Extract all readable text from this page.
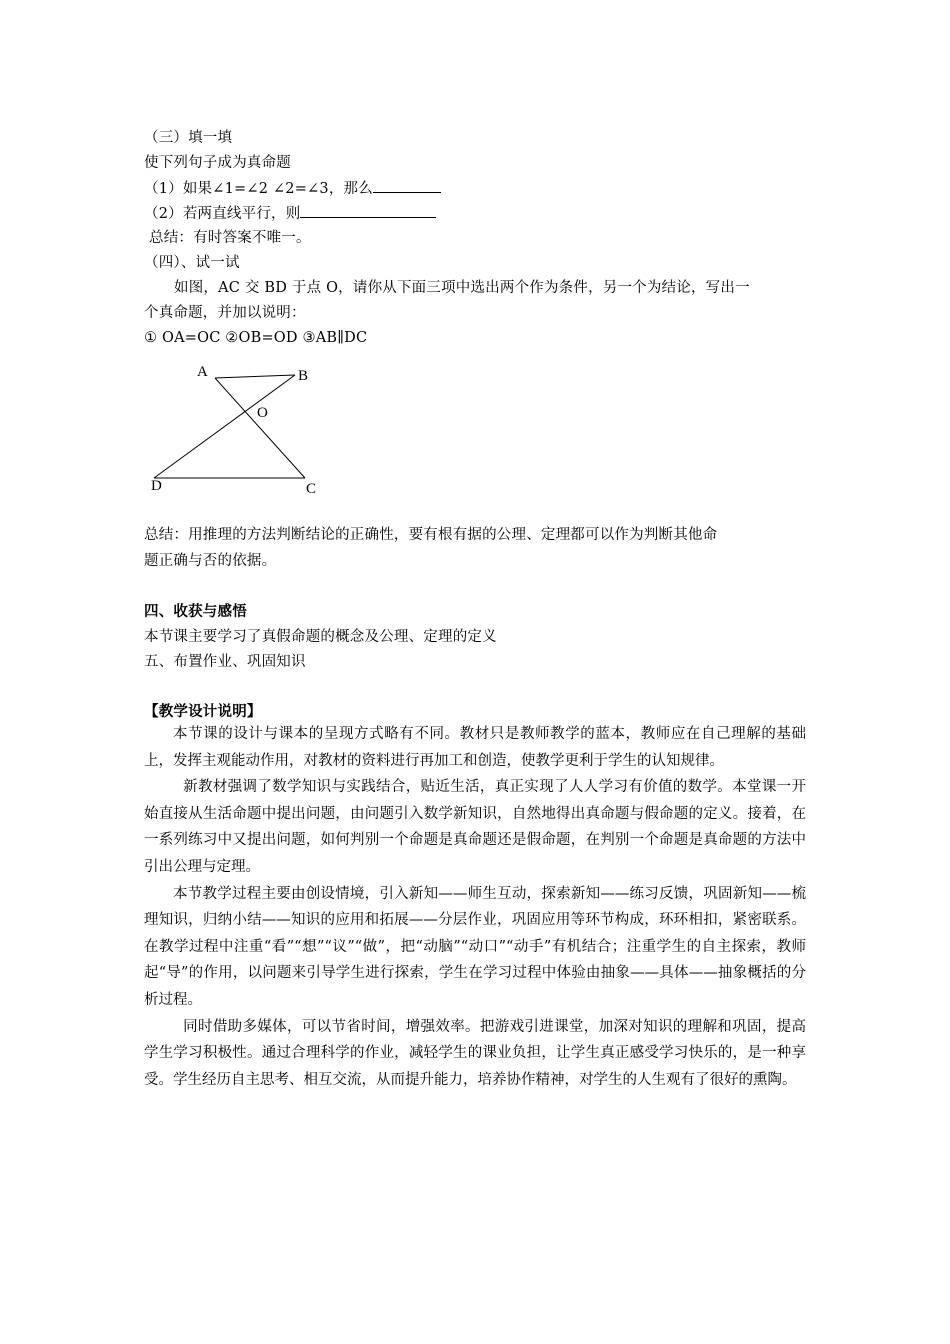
（三）填一填
使下列句子成为真命题
（1）如果∠1=∠2 ∠2=∠3，那么
（2）若两直线平行，则
总结：有时答案不唯一。
（四）、试一试
如图，AC 交 BD 于点 O，请你从下面三项中选出两个作为条件，另一个为结论，写出一
个真命题，并加以说明：
① OA=OC ②OB=OD ③AB∥DC
A	B
O
D	C
总结：用推理的方法判断结论的正确性，要有根有据的公理、定理都可以作为判断其他命
题正确与否的依据。
四、收获与感悟
本节课主要学习了真假命题的概念及公理、定理的定义
五、布置作业、巩固知识
【教学设计说明】

本节课的设计与课本的呈现方式略有不同。教材只是教师教学的蓝本，教师应在自己理解的基础上，发挥主观能动作用，对教材的资料进行再加工和创造，使教学更利于学生的认知规律。

新教材强调了数学知识与实践结合，贴近生活，真正实现了人人学习有价值的数学。本堂课一开始直接从生活命题中提出问题，由问题引入数学新知识，自然地得出真命题与假命题的定义。接着，在一系列练习中又提出问题，如何判别一个命题是真命题还是假命题，在判别一个命题是真命题的方法中引出公理与定理。

本节教学过程主要由创设情境，引入新知——师生互动，探索新知——练习反馈，巩固新知——梳理知识，归纳小结——知识的应用和拓展——分层作业，巩固应用等环节构成，环环相扣，紧密联系。在教学过程中注重“看”“想”“议”“做”，把“动脑”“动口”“动手”有机结合；注重学生的自主探索，教师起“导”的作用，以问题来引导学生进行探索，学生在学习过程中体验由抽象——具体——抽象概括的分析过程。

同时借助多媒体，可以节省时间，增强效率。把游戏引进课堂，加深对知识的理解和巩固，提高学生学习积极性。通过合理科学的作业，减轻学生的课业负担，让学生真正感受学习快乐的，是一种享受。学生经历自主思考、相互交流，从而提升能力，培养协作精神，对学生的人生观有了很好的熏陶。
